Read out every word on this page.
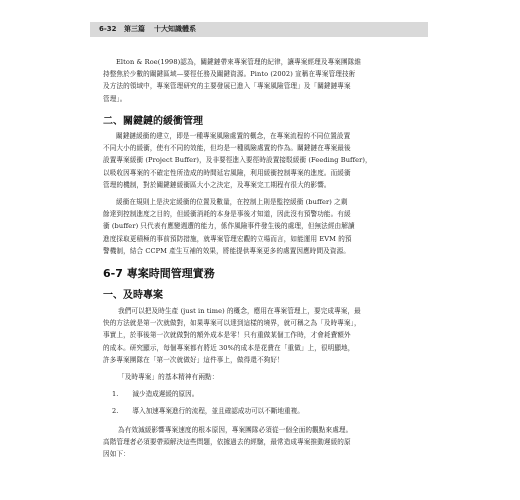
6-32 第三篇 十大知識體系
Elton & Roe(1998)認為，關鍵鏈帶來專案管理的紀律，讓專案經理及專案團隊維
持整焦於少數的關鍵區域—要徑任務及關鍵資源。Pinto (2002) 宣稱在專案管理技術
及方法的領域中，專案管理研究的主要發展已進入「專案風險管理」及「關鍵鏈專案
管理」。
二、關鍵鏈的緩衝管理
關鍵鏈緩衝的建立，即是一種專案風險處置的概念，在專案流程的不同位置設置
不同大小的緩衝，使有不同的效能，但均是一種風險處置的作為。關鍵鏈在專案最後
設置專案緩衝 (Project Buffer)，及非要徑進入要徑時設置接駁緩衝 (Feeding Buffer)，
以吸收因專案的不確定性所造成的時間延宕風險，利用緩衝控制專案的進度。而緩衝
管理的機制，對於關鍵鏈緩衝區大小之決定，及專案完工期程有很大的影響。
緩衝在規則上是決定緩衝的位置及數量，在控制上則是監控緩衝 (buffer) 之剩
餘達到控制進度之目的，但緩衝消耗的本身是事後才知道，因此沒有預警功能。有緩
衝 (buffer) 只代表有應變週遭的能力，係作風險事件發生後的處理，但無法經由解讀
進度採取更積極的事前預防措施，就專案管理宏觀的立場而言，如能運用 EVM 的預
警機制，結合 CCPM 產生互補的效果，將能提供專案更多的處置因應時間及資源。
6-7 專案時間管理實務
一、及時專案
我們可以把及時生產 (just in time) 的概念，應用在專案管理上，要完成專案，最
快的方法就是第一次就做對，如果專案可以達到這樣的境界，就可稱之為「及時專案」，
事實上，於事後第一次就做對的額外成本是零！只有重做某個工作時，才會耗費額外
的成本。研究顯示，每個專案都有將近 30%的成本是花費在「重做」上，很明顯地，
許多專案團隊在「第一次就做好」這件事上，做得還不夠好！
「及時專案」的基本精神有兩點：
1. 減少造成遲緩的原因。
2. 導入加速專案進行的流程，並且確認成功可以不斷地重複。
為有效減緩影響專案速度的根本原因，專案團隊必須從一個全面的觀點來處理。
高階管理者必須要帶頭解決這些問題，依據過去的經驗，最常造成專案推動遲緩的原
因如下：
